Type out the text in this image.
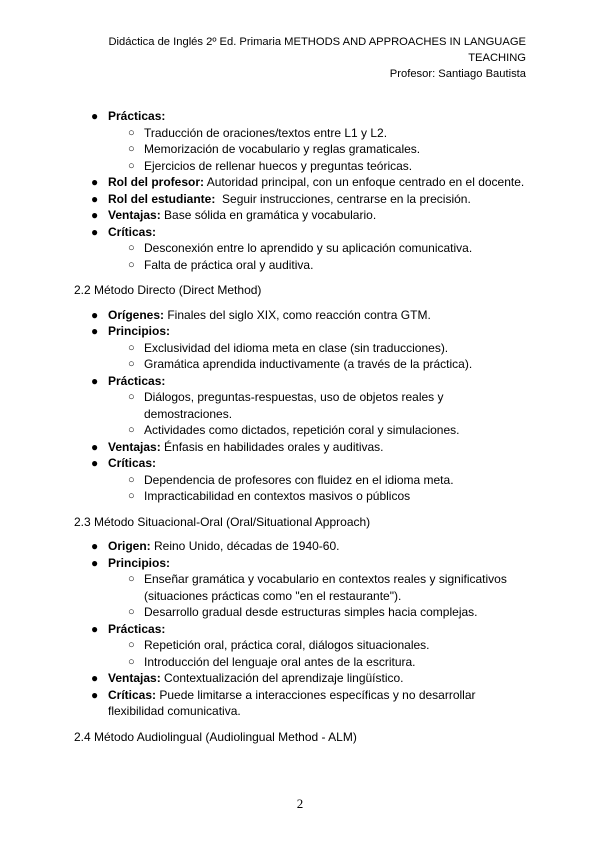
Didáctica de Inglés 2º Ed. Primaria METHODS AND APPROACHES IN LANGUAGE
TEACHING
Profesor: Santiago Bautista
● Prácticas:
○ Traducción de oraciones/textos entre L1 y L2.
○ Memorización de vocabulario y reglas gramaticales.
○ Ejercicios de rellenar huecos y preguntas teóricas.
● Rol del profesor: Autoridad principal, con un enfoque centrado en el docente.
● Rol del estudiante:  Seguir instrucciones, centrarse en la precisión.
● Ventajas: Base sólida en gramática y vocabulario.
● Críticas:
○ Desconexión entre lo aprendido y su aplicación comunicativa.
○ Falta de práctica oral y auditiva.
2.2 Método Directo (Direct Method)
● Orígenes: Finales del siglo XIX, como reacción contra GTM.
● Principios:
○ Exclusividad del idioma meta en clase (sin traducciones).
○ Gramática aprendida inductivamente (a través de la práctica).
● Prácticas:
○ Diálogos, preguntas-respuestas, uso de objetos reales y demostraciones.
○ Actividades como dictados, repetición coral y simulaciones.
● Ventajas: Énfasis en habilidades orales y auditivas.
● Críticas:
○ Dependencia de profesores con fluidez en el idioma meta.
○ Impracticabilidad en contextos masivos o públicos
2.3 Método Situacional-Oral (Oral/Situational Approach)
● Origen: Reino Unido, décadas de 1940-60.
● Principios:
○ Enseñar gramática y vocabulario en contextos reales y significativos (situaciones prácticas como "en el restaurante").
○ Desarrollo gradual desde estructuras simples hacia complejas.
● Prácticas:
○ Repetición oral, práctica coral, diálogos situacionales.
○ Introducción del lenguaje oral antes de la escritura.
● Ventajas: Contextualización del aprendizaje lingüístico.
● Críticas: Puede limitarse a interacciones específicas y no desarrollar flexibilidad comunicativa.
2.4 Método Audiolingual (Audiolingual Method - ALM)
2
